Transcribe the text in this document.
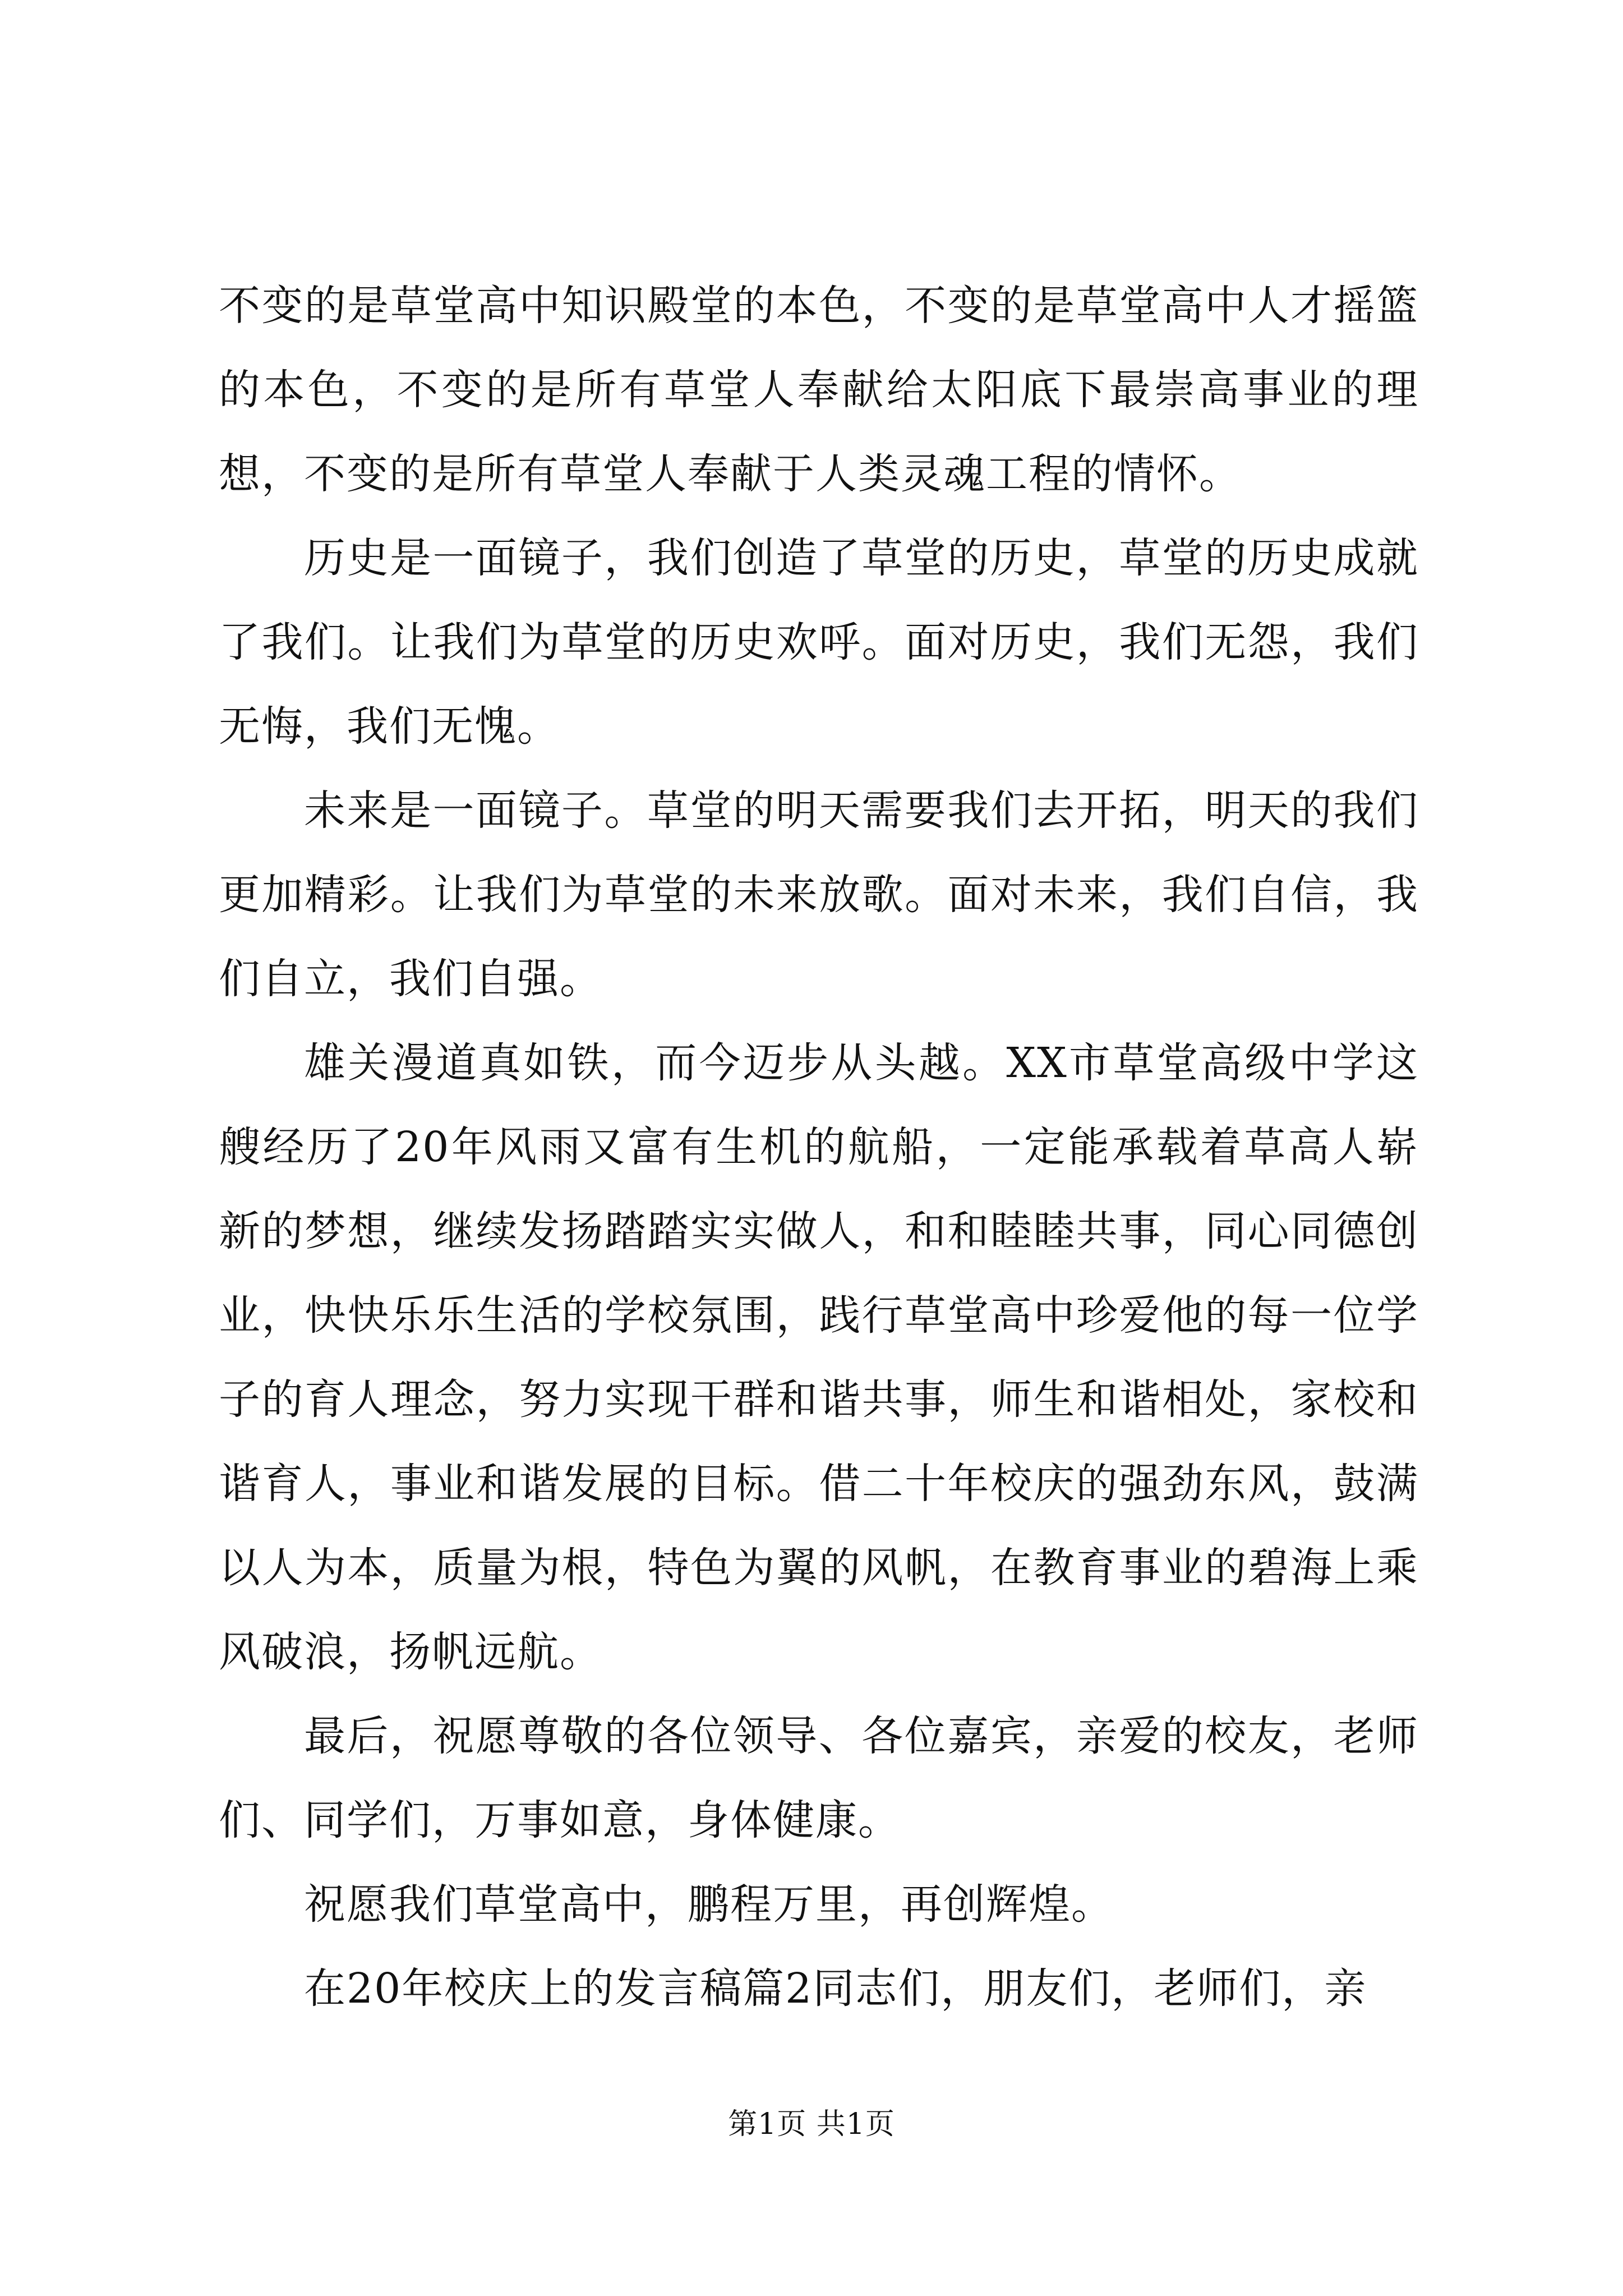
不变的是草堂高中知识殿堂的本色，不变的是草堂高中人才摇篮的本色，不变的是所有草堂人奉献给太阳底下最崇高事业的理想，不变的是所有草堂人奉献于人类灵魂工程的情怀。

历史是一面镜子，我们创造了草堂的历史，草堂的历史成就了我们。让我们为草堂的历史欢呼。面对历史，我们无怨，我们无悔，我们无愧。

未来是一面镜子。草堂的明天需要我们去开拓，明天的我们更加精彩。让我们为草堂的未来放歌。面对未来，我们自信，我们自立，我们自强。

雄关漫道真如铁，而今迈步从头越。XX市草堂高级中学这艘经历了20年风雨又富有生机的航船，一定能承载着草高人崭新的梦想，继续发扬踏踏实实做人，和和睦睦共事，同心同德创业，快快乐乐生活的学校氛围，践行草堂高中珍爱他的每一位学子的育人理念，努力实现干群和谐共事，师生和谐相处，家校和谐育人，事业和谐发展的目标。借二十年校庆的强劲东风，鼓满以人为本，质量为根，特色为翼的风帆，在教育事业的碧海上乘风破浪，扬帆远航。

最后，祝愿尊敬的各位领导、各位嘉宾，亲爱的校友，老师们、同学们，万事如意，身体健康。

祝愿我们草堂高中，鹏程万里，再创辉煌。

在20年校庆上的发言稿篇2同志们，朋友们，老师们，亲

第1页 共1页
